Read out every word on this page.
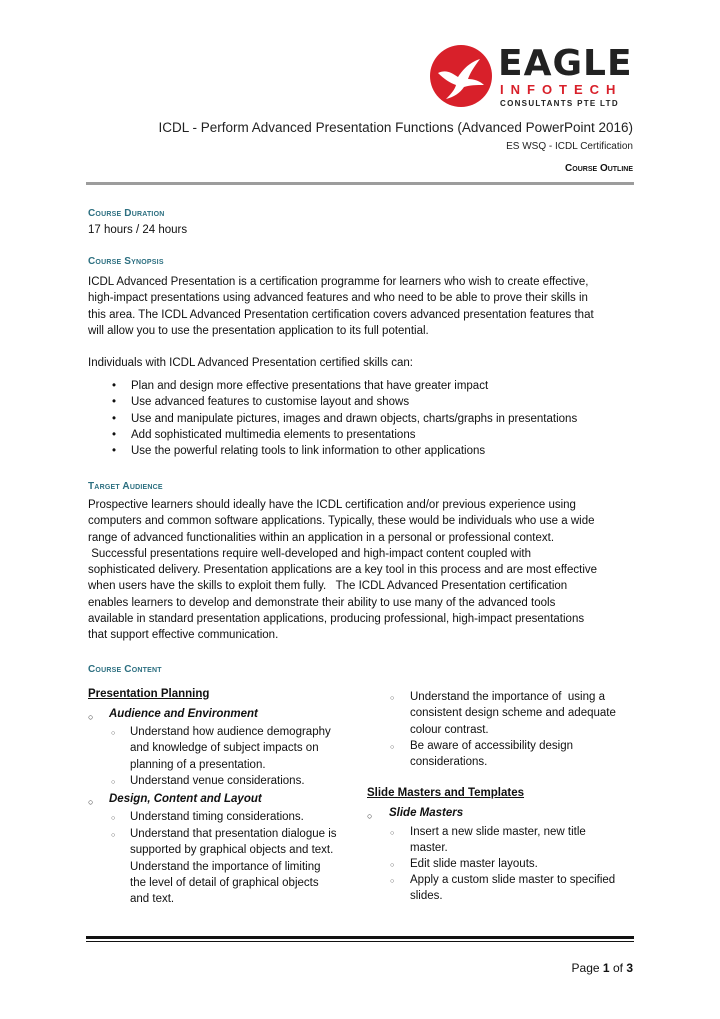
EAGLE
INFOTECH
CONSULTANTS PTE LTD
ICDL - Perform Advanced Presentation Functions (Advanced PowerPoint 2016)
ES WSQ - ICDL Certification
Course Outline
Course Duration
17 hours / 24 hours
Course Synopsis
ICDL Advanced Presentation is a certification programme for learners who wish to create effective,
high-impact presentations using advanced features and who need to be able to prove their skills in
this area. The ICDL Advanced Presentation certification covers advanced presentation features that
will allow you to use the presentation application to its full potential.
Individuals with ICDL Advanced Presentation certified skills can:
• Plan and design more effective presentations that have greater impact
• Use advanced features to customise layout and shows
• Use and manipulate pictures, images and drawn objects, charts/graphs in presentations
• Add sophisticated multimedia elements to presentations
• Use the powerful relating tools to link information to other applications
Target Audience
Prospective learners should ideally have the ICDL certification and/or previous experience using
computers and common software applications. Typically, these would be individuals who use a wide
range of advanced functionalities within an application in a personal or professional context.
Successful presentations require well-developed and high-impact content coupled with
sophisticated delivery. Presentation applications are a key tool in this process and are most effective
when users have the skills to exploit them fully.   The ICDL Advanced Presentation certification
enables learners to develop and demonstrate their ability to use many of the advanced tools
available in standard presentation applications, producing professional, high-impact presentations
that support effective communication.
Course Content
Presentation Planning
○ Audience and Environment
○ Understand how audience demography
and knowledge of subject impacts on
planning of a presentation.
○ Understand venue considerations.
○ Design, Content and Layout
○ Understand timing considerations.
○ Understand that presentation dialogue is
supported by graphical objects and text.
Understand the importance of limiting
the level of detail of graphical objects
and text.
○ Understand the importance of  using a
consistent design scheme and adequate
colour contrast.
○ Be aware of accessibility design
considerations.
Slide Masters and Templates
○ Slide Masters
○ Insert a new slide master, new title
master.
○ Edit slide master layouts.
○ Apply a custom slide master to specified
slides.
Page 1 of 3
